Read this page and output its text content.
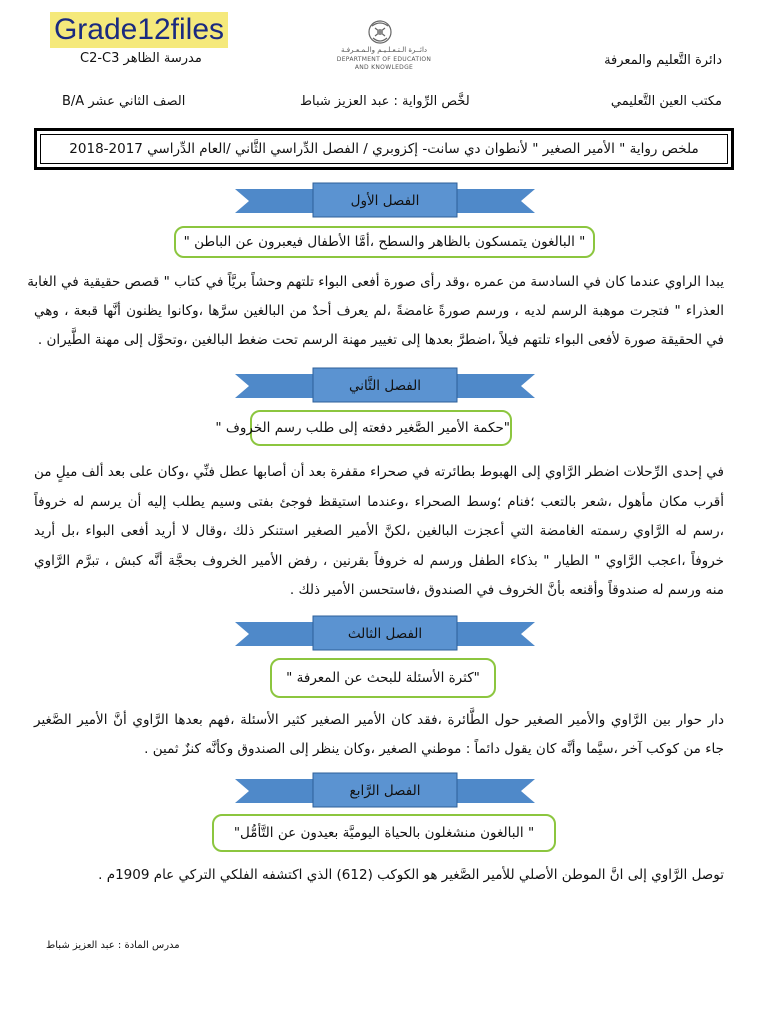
Grade12files
مدرسة الظاهر C2-C3	دائرة التَّعليم والمعرفة
مكتب العين التَّعليمي
لخَّص الرِّواية : عبد العزيز شباط
الصف الثاني عشر B/A
دائــرة الـتـعـلـيـم والـمـعـرفـة
DEPARTMENT OF EDUCATION
AND KNOWLEDGE
ملخص رواية " الأمير الصغير " لأنطوان دي سانت- إكزوبري / الفصل الدِّراسي الثَّاني /العام الدِّراسي 2017-2018
الفصل الأول
" البالغون يتمسكون بالظاهر والسطح ،أمَّا الأطفال فيعبرون عن الباطن "
يبدا الراوي عندما كان في السادسة من عمره ،وقد رأى صورة أفعى البواء تلتهم وحشاً بريَّاً في كتاب " قصص حقيقية في الغابة
العذراء " فتجرت موهبة الرسم لديه ، ورسم صورةً غامضةً ،لم يعرف أحدٌ من البالغين سرَّها ،وكانوا يظنون أنَّها قبعة ، وهي
في الحقيقة صورة لأفعى البواء تلتهم فيلاً ،اضطرَّ بعدها إلى تغيير مهنة الرسم تحت ضغط البالغين ،وتحوَّل إلى مهنة الطَّيران .
الفصل الثَّاني
"حكمة الأمير الصَّغير دفعته إلى طلب رسم الخروف "
في إحدى الرِّحلات اضطر الرَّاوي إلى الهبوط بطائرته في صحراء مقفرة بعد أن أصابها عطل فنِّي ،وكان على بعد ألف ميلٍ من
أقرب مكان مأهول ،شعر بالتعب ؛فنام ؛وسط الصحراء ،وعندما استيقظ فوجئ بفتى وسيم يطلب إليه أن يرسم له خروفاً
،رسم له الرَّاوي رسمته الغامضة التي أعجزت البالغين ،لكنَّ الأمير الصغير استنكر ذلك ،وقال لا أريد أفعى البواء ،بل أريد
خروفاً ،اعجب الرَّاوي " الطيار " بذكاء الطفل ورسم له خروفاً بقرنين ، رفض الأمير الخروف بحجَّة أنَّه كبش ، تبرَّم الرَّاوي
منه ورسم له صندوقاً وأقنعه بأنَّ الخروف في الصندوق ،فاستحسن الأمير ذلك .
الفصل الثالث
"كثرة الأسئلة للبحث عن المعرفة "
دار حوار بين الرَّاوي والأمير الصغير حول الطَّائرة ،فقد كان الأمير الصغير كثير الأسئلة ،فهم بعدها الرَّاوي أنَّ الأمير الصَّغير
جاء من كوكب آخر ،سيَّما وأنَّه كان يقول دائماً : موطني الصغير ،وكان ينظر إلى الصندوق وكأنَّه كنزٌ ثمين .
الفصل الرَّابع
" البالغون منشغلون بالحياة اليوميَّة بعيدون عن التَّأمُّل"
توصل الرَّاوي إلى انَّ الموطن الأصلي للأمير الصَّغير هو الكوكب (612) الذي اكتشفه الفلكي التركي عام 1909م .
مدرس المادة : عبد العزيز شباط
